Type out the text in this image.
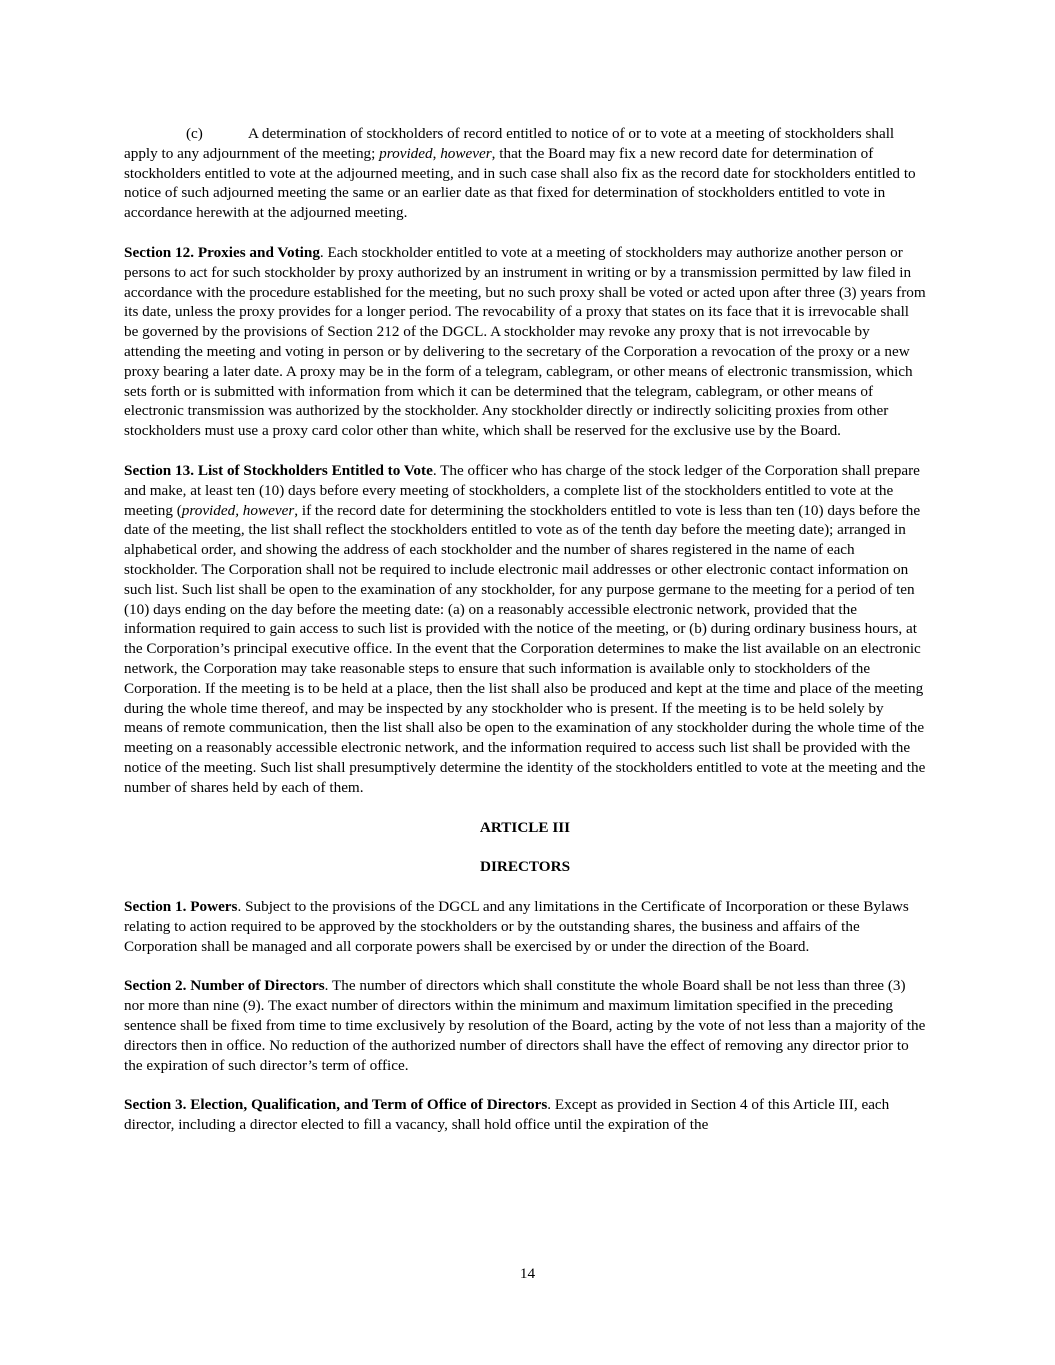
(c)	A determination of stockholders of record entitled to notice of or to vote at a meeting of stockholders shall apply to any adjournment of the meeting; provided, however, that the Board may fix a new record date for determination of stockholders entitled to vote at the adjourned meeting, and in such case shall also fix as the record date for stockholders entitled to notice of such adjourned meeting the same or an earlier date as that fixed for determination of stockholders entitled to vote in accordance herewith at the adjourned meeting.

Section 12. Proxies and Voting. Each stockholder entitled to vote at a meeting of stockholders may authorize another person or persons to act for such stockholder by proxy authorized by an instrument in writing or by a transmission permitted by law filed in accordance with the procedure established for the meeting, but no such proxy shall be voted or acted upon after three (3) years from its date, unless the proxy provides for a longer period. The revocability of a proxy that states on its face that it is irrevocable shall be governed by the provisions of Section 212 of the DGCL. A stockholder may revoke any proxy that is not irrevocable by attending the meeting and voting in person or by delivering to the secretary of the Corporation a revocation of the proxy or a new proxy bearing a later date. A proxy may be in the form of a telegram, cablegram, or other means of electronic transmission, which sets forth or is submitted with information from which it can be determined that the telegram, cablegram, or other means of electronic transmission was authorized by the stockholder. Any stockholder directly or indirectly soliciting proxies from other stockholders must use a proxy card color other than white, which shall be reserved for the exclusive use by the Board.

Section 13. List of Stockholders Entitled to Vote. The officer who has charge of the stock ledger of the Corporation shall prepare and make, at least ten (10) days before every meeting of stockholders, a complete list of the stockholders entitled to vote at the meeting (provided, however, if the record date for determining the stockholders entitled to vote is less than ten (10) days before the date of the meeting, the list shall reflect the stockholders entitled to vote as of the tenth day before the meeting date); arranged in alphabetical order, and showing the address of each stockholder and the number of shares registered in the name of each stockholder. The Corporation shall not be required to include electronic mail addresses or other electronic contact information on such list. Such list shall be open to the examination of any stockholder, for any purpose germane to the meeting for a period of ten (10) days ending on the day before the meeting date: (a) on a reasonably accessible electronic network, provided that the information required to gain access to such list is provided with the notice of the meeting, or (b) during ordinary business hours, at the Corporation’s principal executive office. In the event that the Corporation determines to make the list available on an electronic network, the Corporation may take reasonable steps to ensure that such information is available only to stockholders of the Corporation. If the meeting is to be held at a place, then the list shall also be produced and kept at the time and place of the meeting during the whole time thereof, and may be inspected by any stockholder who is present. If the meeting is to be held solely by means of remote communication, then the list shall also be open to the examination of any stockholder during the whole time of the meeting on a reasonably accessible electronic network, and the information required to access such list shall be provided with the notice of the meeting. Such list shall presumptively determine the identity of the stockholders entitled to vote at the meeting and the number of shares held by each of them.

ARTICLE III
DIRECTORS

Section 1. Powers. Subject to the provisions of the DGCL and any limitations in the Certificate of Incorporation or these Bylaws relating to action required to be approved by the stockholders or by the outstanding shares, the business and affairs of the Corporation shall be managed and all corporate powers shall be exercised by or under the direction of the Board.

Section 2. Number of Directors. The number of directors which shall constitute the whole Board shall be not less than three (3) nor more than nine (9). The exact number of directors within the minimum and maximum limitation specified in the preceding sentence shall be fixed from time to time exclusively by resolution of the Board, acting by the vote of not less than a majority of the directors then in office. No reduction of the authorized number of directors shall have the effect of removing any director prior to the expiration of such director’s term of office.

Section 3. Election, Qualification, and Term of Office of Directors. Except as provided in Section 4 of this Article III, each director, including a director elected to fill a vacancy, shall hold office until the expiration of the

14
